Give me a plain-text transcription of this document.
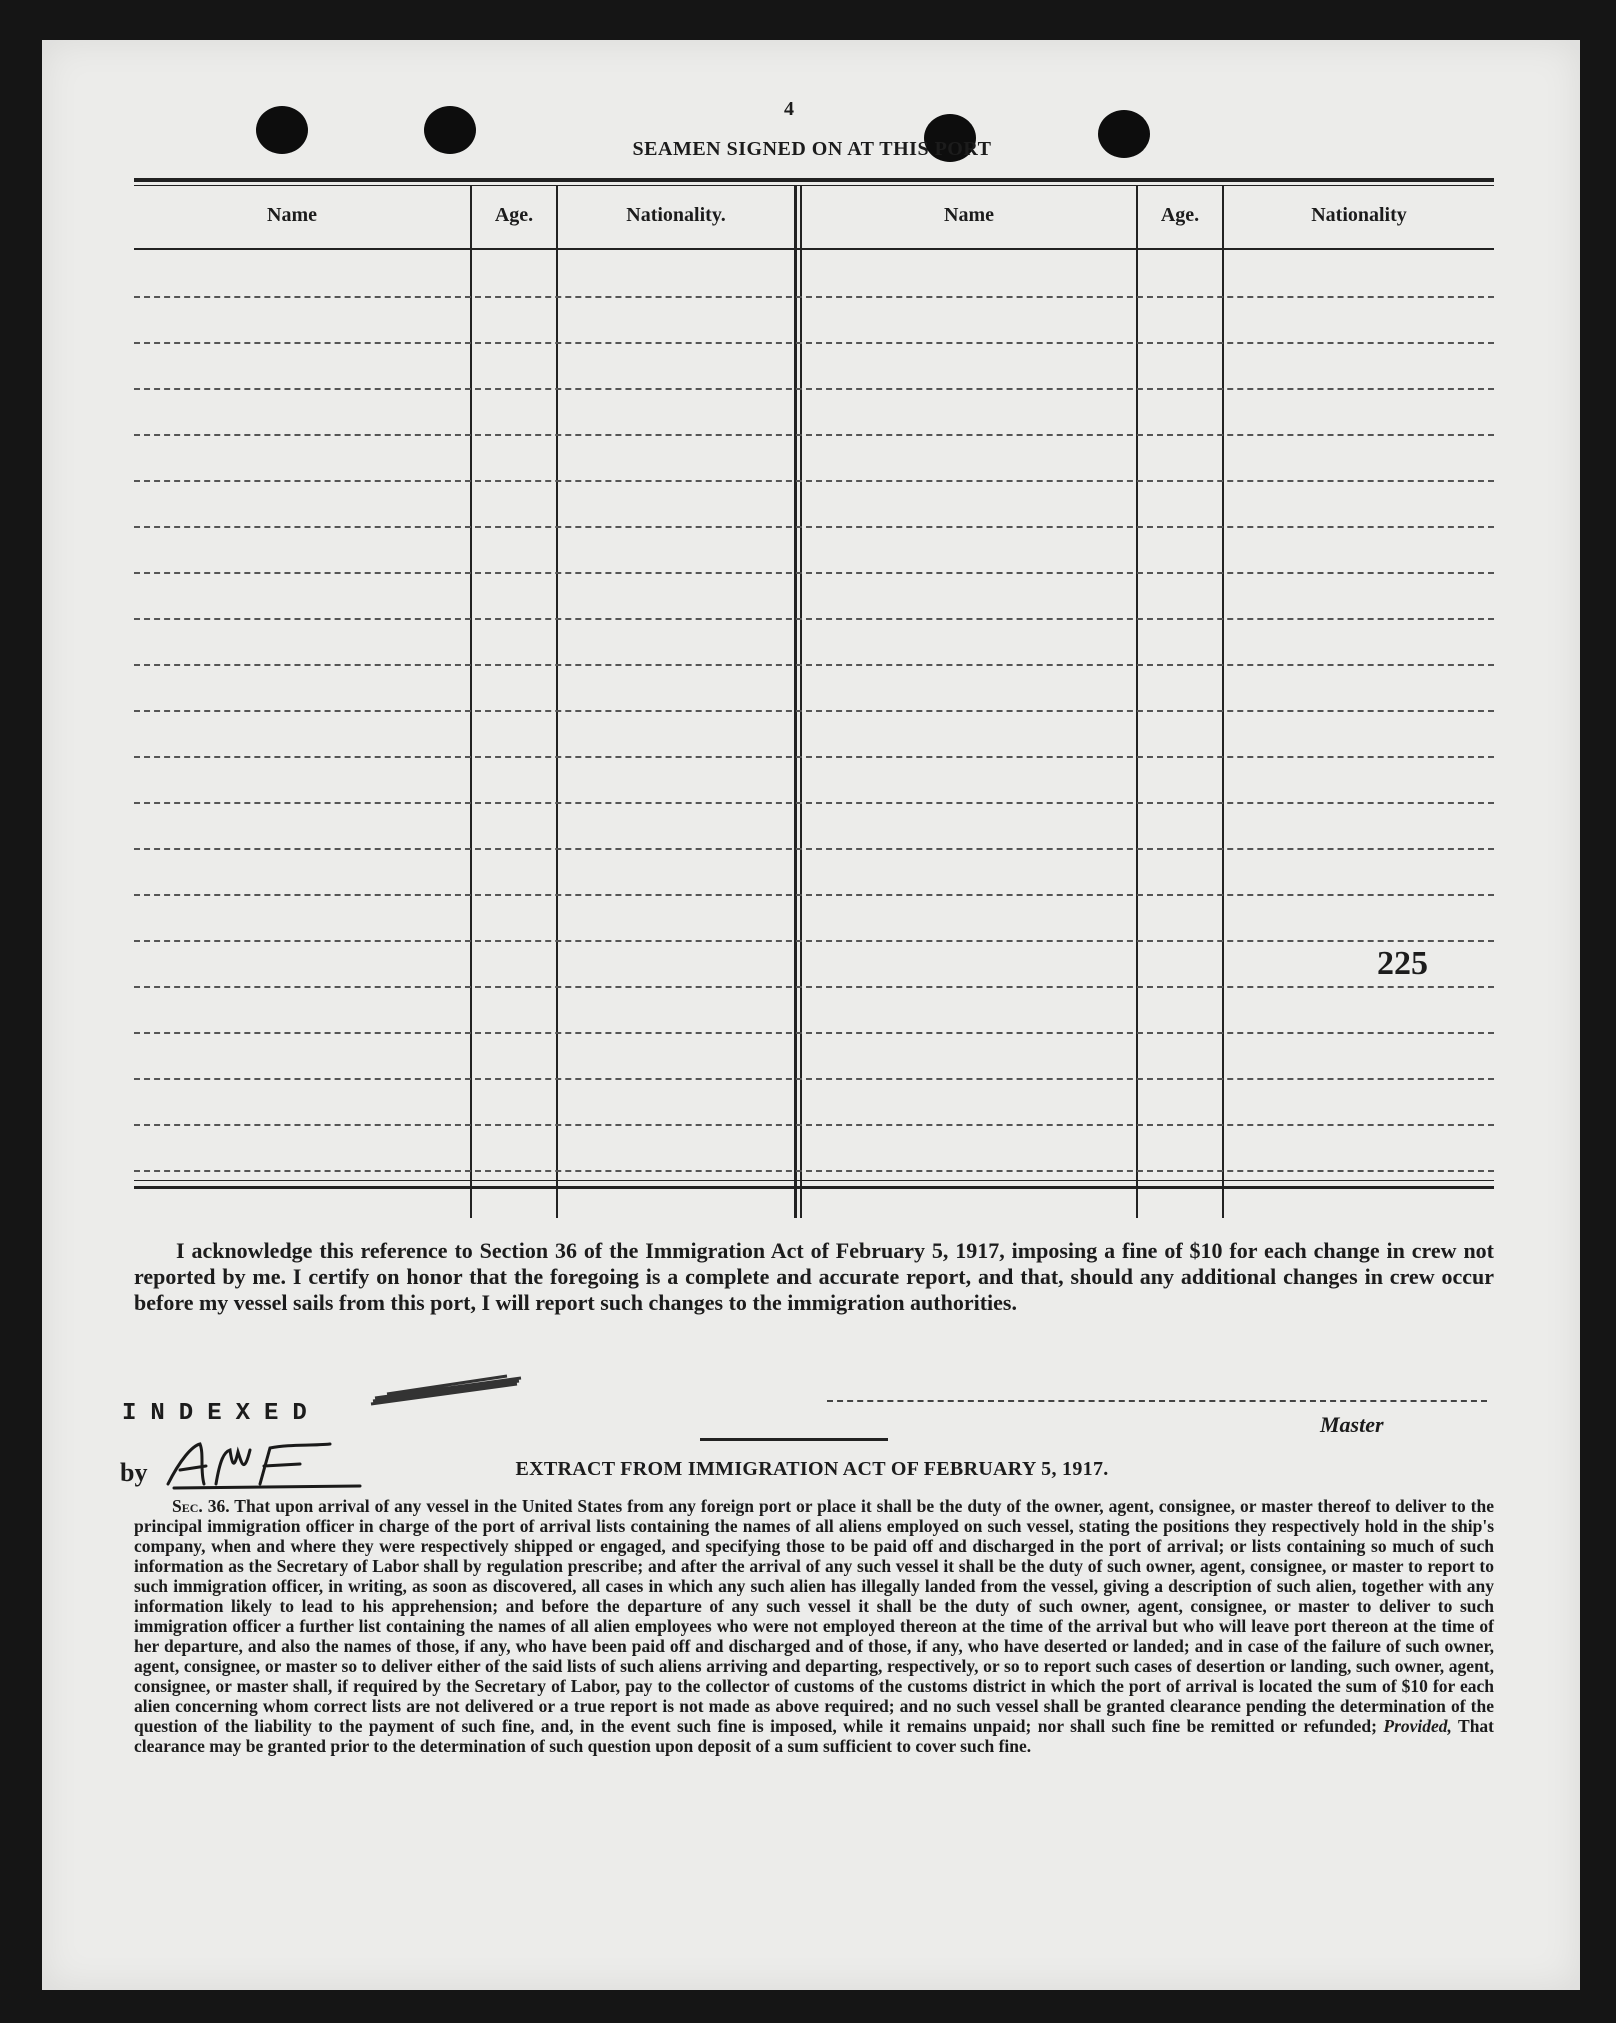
4
SEAMEN SIGNED ON AT THIS PORT
Name	Age.	Nationality.	Name	Age.	Nationality
225
I acknowledge this reference to Section 36 of the Immigration Act of February 5, 1917, imposing a fine of $10 for each change in crew not reported by me. I certify on honor that the foregoing is a complete and accurate report, and that, should any additional changes in crew occur before my vessel sails from this port, I will report such changes to the immigration authorities.
INDEXED
by
Master
EXTRACT FROM IMMIGRATION ACT OF FEBRUARY 5, 1917.
Sec. 36. That upon arrival of any vessel in the United States from any foreign port or place it shall be the duty of the owner, agent, consignee, or master thereof to deliver to the principal immigration officer in charge of the port of arrival lists containing the names of all aliens employed on such vessel, stating the positions they respectively hold in the ship's company, when and where they were respectively shipped or engaged, and specifying those to be paid off and discharged in the port of arrival; or lists containing so much of such information as the Secretary of Labor shall by regulation prescribe; and after the arrival of any such vessel it shall be the duty of such owner, agent, consignee, or master to report to such immigration officer, in writing, as soon as discovered, all cases in which any such alien has illegally landed from the vessel, giving a description of such alien, together with any information likely to lead to his apprehension; and before the departure of any such vessel it shall be the duty of such owner, agent, consignee, or master to deliver to such immigration officer a further list containing the names of all alien employees who were not employed thereon at the time of the arrival but who will leave port thereon at the time of her departure, and also the names of those, if any, who have been paid off and discharged and of those, if any, who have deserted or landed; and in case of the failure of such owner, agent, consignee, or master so to deliver either of the said lists of such aliens arriving and departing, respectively, or so to report such cases of desertion or landing, such owner, agent, consignee, or master shall, if required by the Secretary of Labor, pay to the collector of customs of the customs district in which the port of arrival is located the sum of $10 for each alien concerning whom correct lists are not delivered or a true report is not made as above required; and no such vessel shall be granted clearance pending the determination of the question of the liability to the payment of such fine, and, in the event such fine is imposed, while it remains unpaid; nor shall such fine be remitted or refunded; Provided, That clearance may be granted prior to the determination of such question upon deposit of a sum sufficient to cover such fine.
